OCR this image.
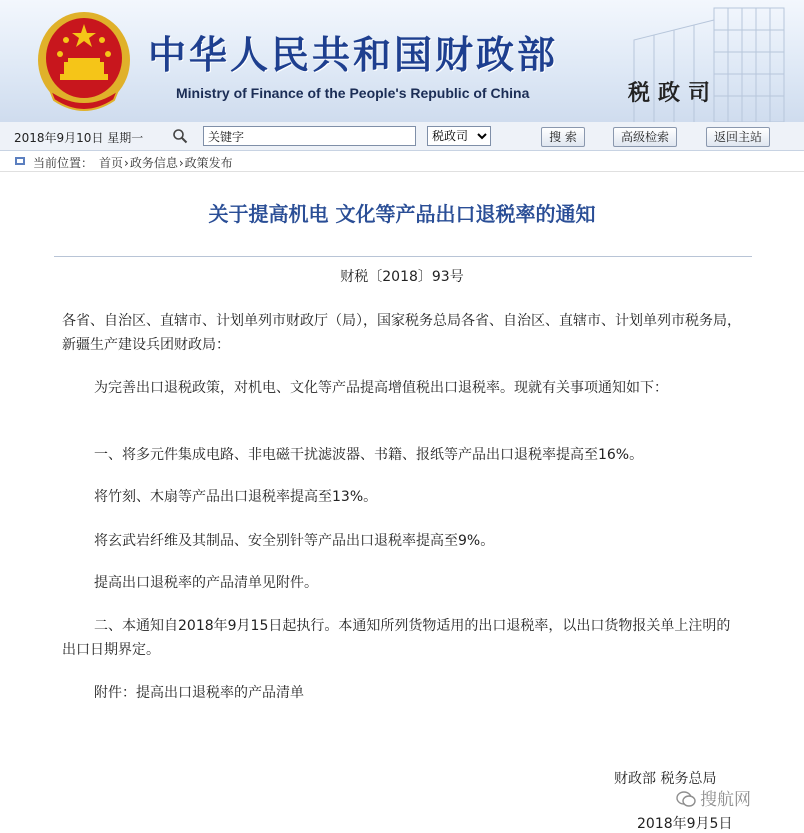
中华人民共和国财政部
Ministry of Finance of the People's Republic of China	税政司
2018年9月10日 星期一
关键字
税政司	搜 索	高级检索	返回主站
当前位置： 首页›政务信息›政策发布
关于提高机电 文化等产品出口退税率的通知
财税〔2018〕93号
各省、自治区、直辖市、计划单列市财政厅（局），国家税务总局各省、自治区、直辖市、计划单列市税务局，新疆生产建设兵团财政局：
为完善出口退税政策，对机电、文化等产品提高增值税出口退税率。现就有关事项通知如下：
一、将多元件集成电路、非电磁干扰滤波器、书籍、报纸等产品出口退税率提高至16%。
将竹刻、木扇等产品出口退税率提高至13%。
将玄武岩纤维及其制品、安全别针等产品出口退税率提高至9%。
提高出口退税率的产品清单见附件。
二、本通知自2018年9月15日起执行。本通知所列货物适用的出口退税率，以出口货物报关单上注明的出口日期界定。
附件：提高出口退税率的产品清单
财政部 税务总局
2018年9月5日
搜航网
